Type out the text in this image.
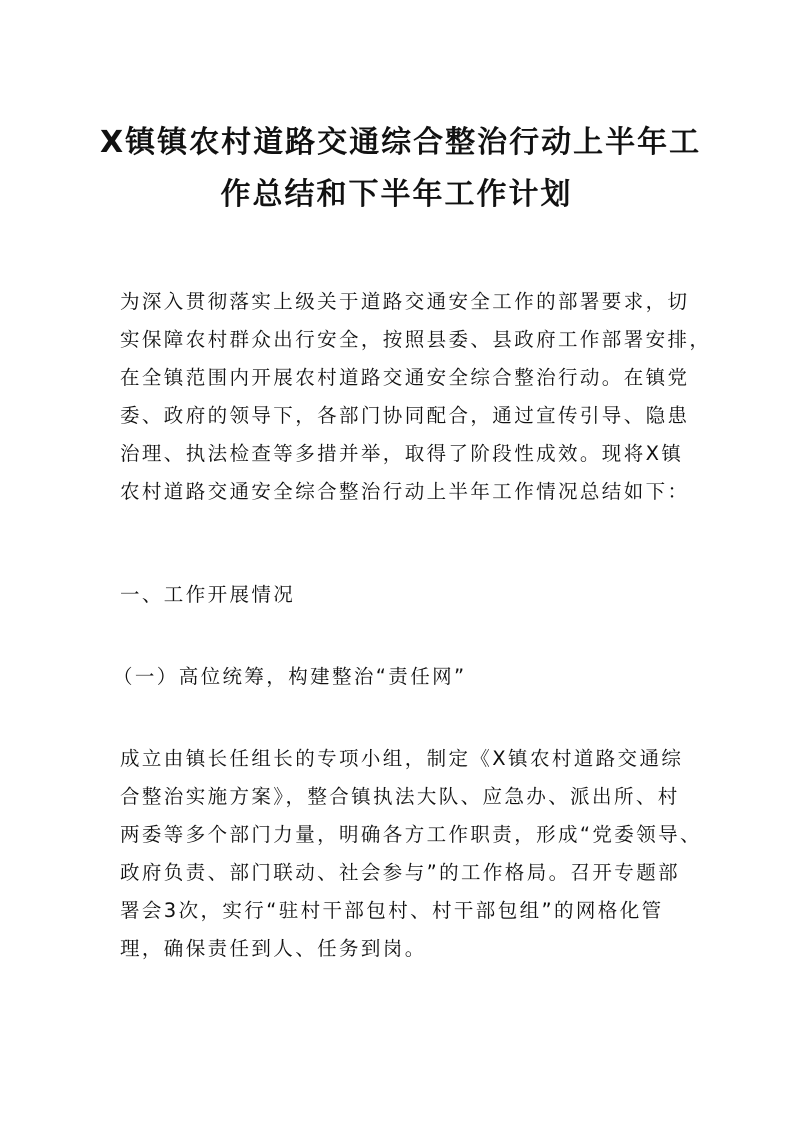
X镇镇农村道路交通综合整治行动上半年工
作总结和下半年工作计划
为深入贯彻落实上级关于道路交通安全工作的部署要求，切
实保障农村群众出行安全，按照县委、县政府工作部署安排，
在全镇范围内开展农村道路交通安全综合整治行动。在镇党
委、政府的领导下，各部门协同配合，通过宣传引导、隐患
治理、执法检查等多措并举，取得了阶段性成效。现将X镇
农村道路交通安全综合整治行动上半年工作情况总结如下：
一、工作开展情况
（一）高位统筹，构建整治“责任网”
成立由镇长任组长的专项小组，制定《X镇农村道路交通综
合整治实施方案》，整合镇执法大队、应急办、派出所、村
两委等多个部门力量，明确各方工作职责，形成“党委领导、
政府负责、部门联动、社会参与”的工作格局。召开专题部
署会3次，实行“驻村干部包村、村干部包组”的网格化管
理，确保责任到人、任务到岗。
